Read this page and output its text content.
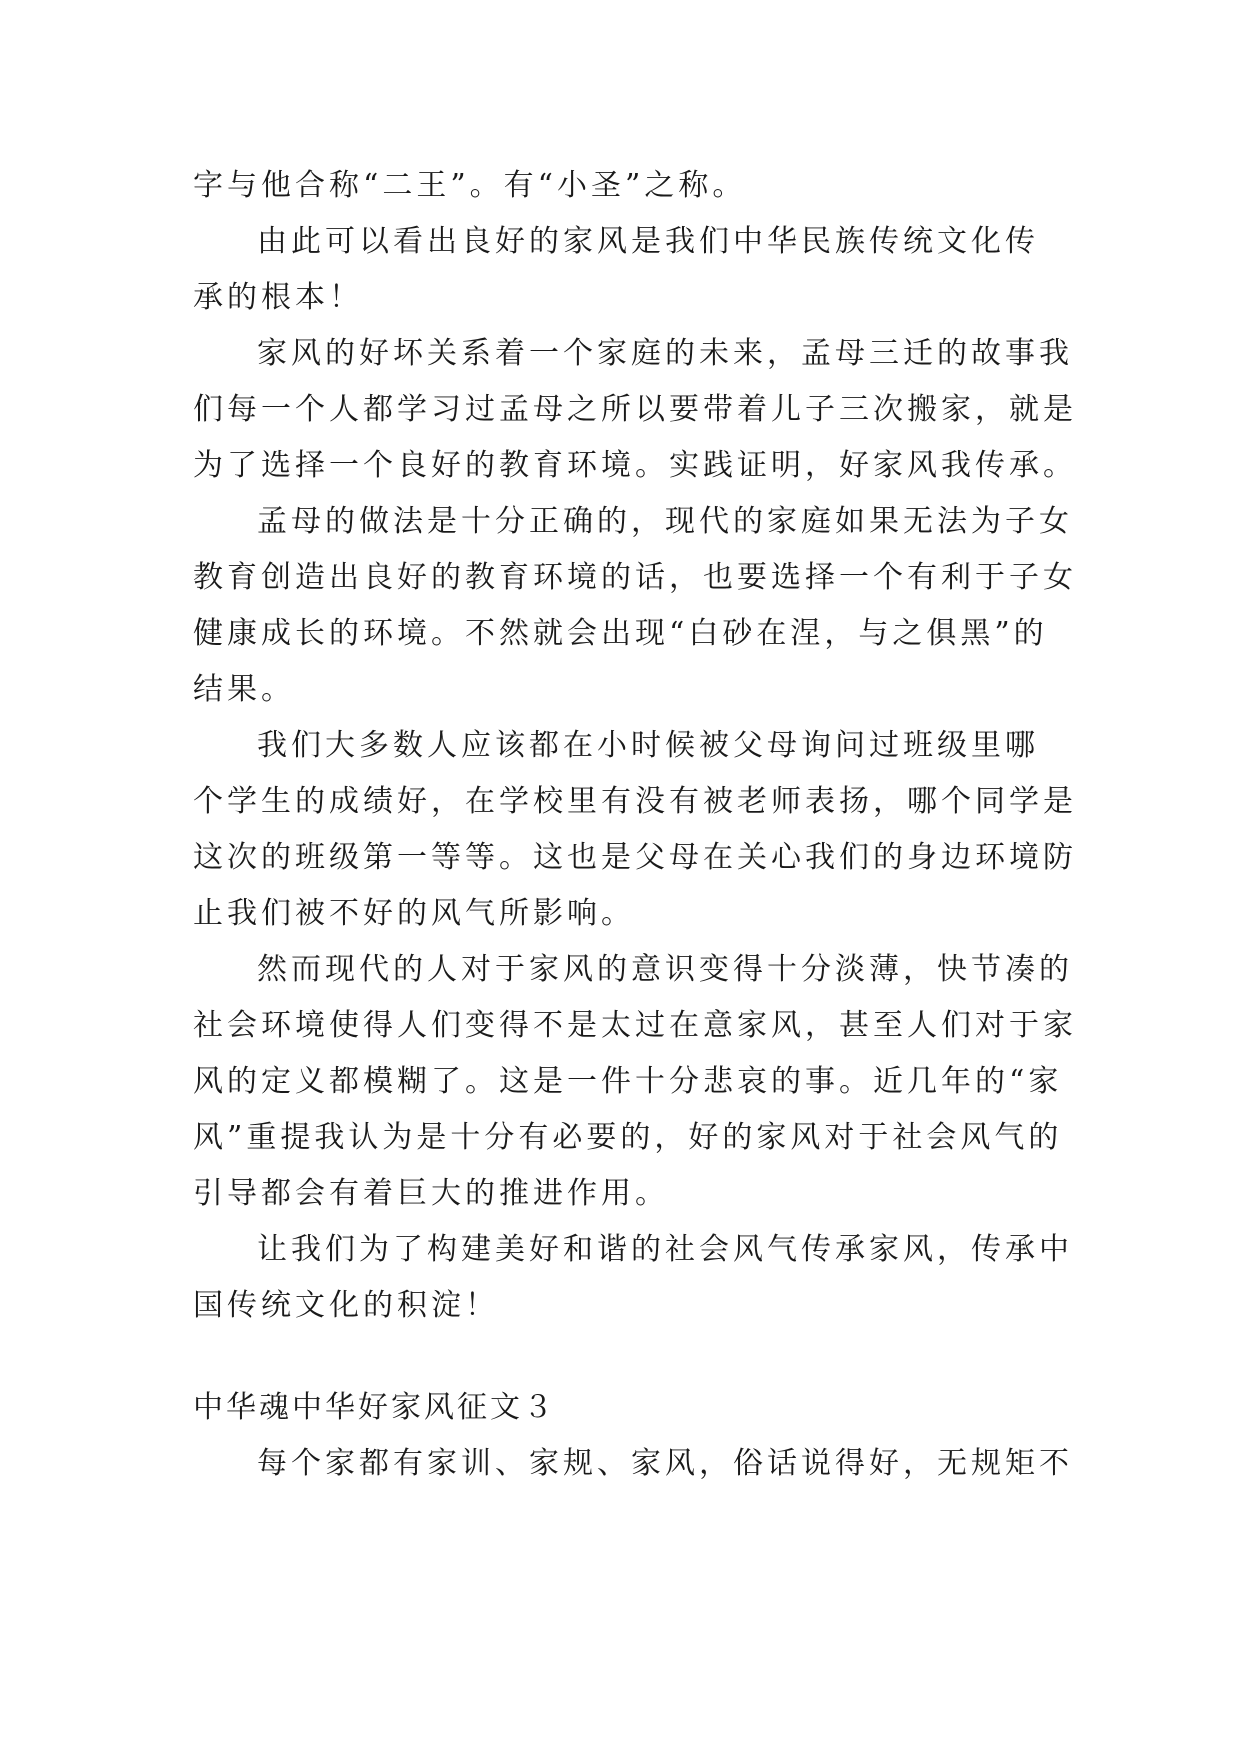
字与他合称“二王”。有“小圣”之称。
由此可以看出良好的家风是我们中华民族传统文化传
承的根本！
家风的好坏关系着一个家庭的未来，孟母三迁的故事我
们每一个人都学习过孟母之所以要带着儿子三次搬家，就是
为了选择一个良好的教育环境。实践证明，好家风我传承。
孟母的做法是十分正确的，现代的家庭如果无法为子女
教育创造出良好的教育环境的话，也要选择一个有利于子女
健康成长的环境。不然就会出现“白砂在涅，与之俱黑”的
结果。
我们大多数人应该都在小时候被父母询问过班级里哪
个学生的成绩好，在学校里有没有被老师表扬，哪个同学是
这次的班级第一等等。这也是父母在关心我们的身边环境防
止我们被不好的风气所影响。
然而现代的人对于家风的意识变得十分淡薄，快节凑的
社会环境使得人们变得不是太过在意家风，甚至人们对于家
风的定义都模糊了。这是一件十分悲哀的事。近几年的“家
风”重提我认为是十分有必要的，好的家风对于社会风气的
引导都会有着巨大的推进作用。
让我们为了构建美好和谐的社会风气传承家风，传承中
国传统文化的积淀！
中华魂中华好家风征文３
每个家都有家训、家规、家风，俗话说得好，无规矩不
